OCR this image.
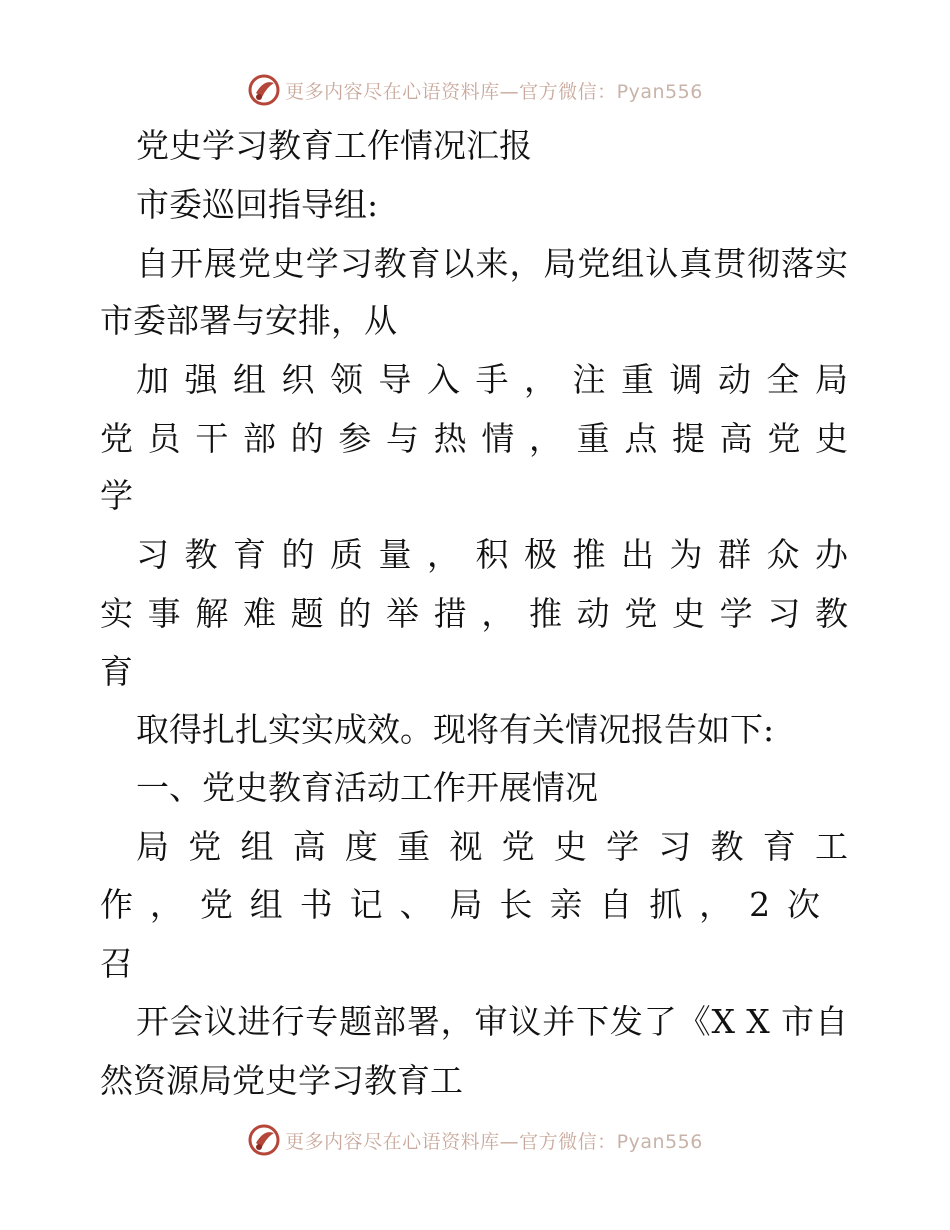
更多内容尽在心语资料库—官方微信：Pyan556
党史学习教育工作情况汇报
市委巡回指导组:
自开展党史学习教育以来，局党组认真贯彻落实
市委部署与安排，从
加强组织领导入手，注重调动全局
党员干部的参与热情，重点提高党史
学
习教育的质量，积极推出为群众办
实事解难题的举措，推动党史学习教
育
取得扎扎实实成效。现将有关情况报告如下:
一、党史教育活动工作开展情况
局党组高度重视党史学习教育工
作，党组书记、局长亲自抓，2次
召
开会议进行专题部署，审议并下发了《X X 市自
然资源局党史学习教育工
更多内容尽在心语资料库—官方微信：Pyan556
